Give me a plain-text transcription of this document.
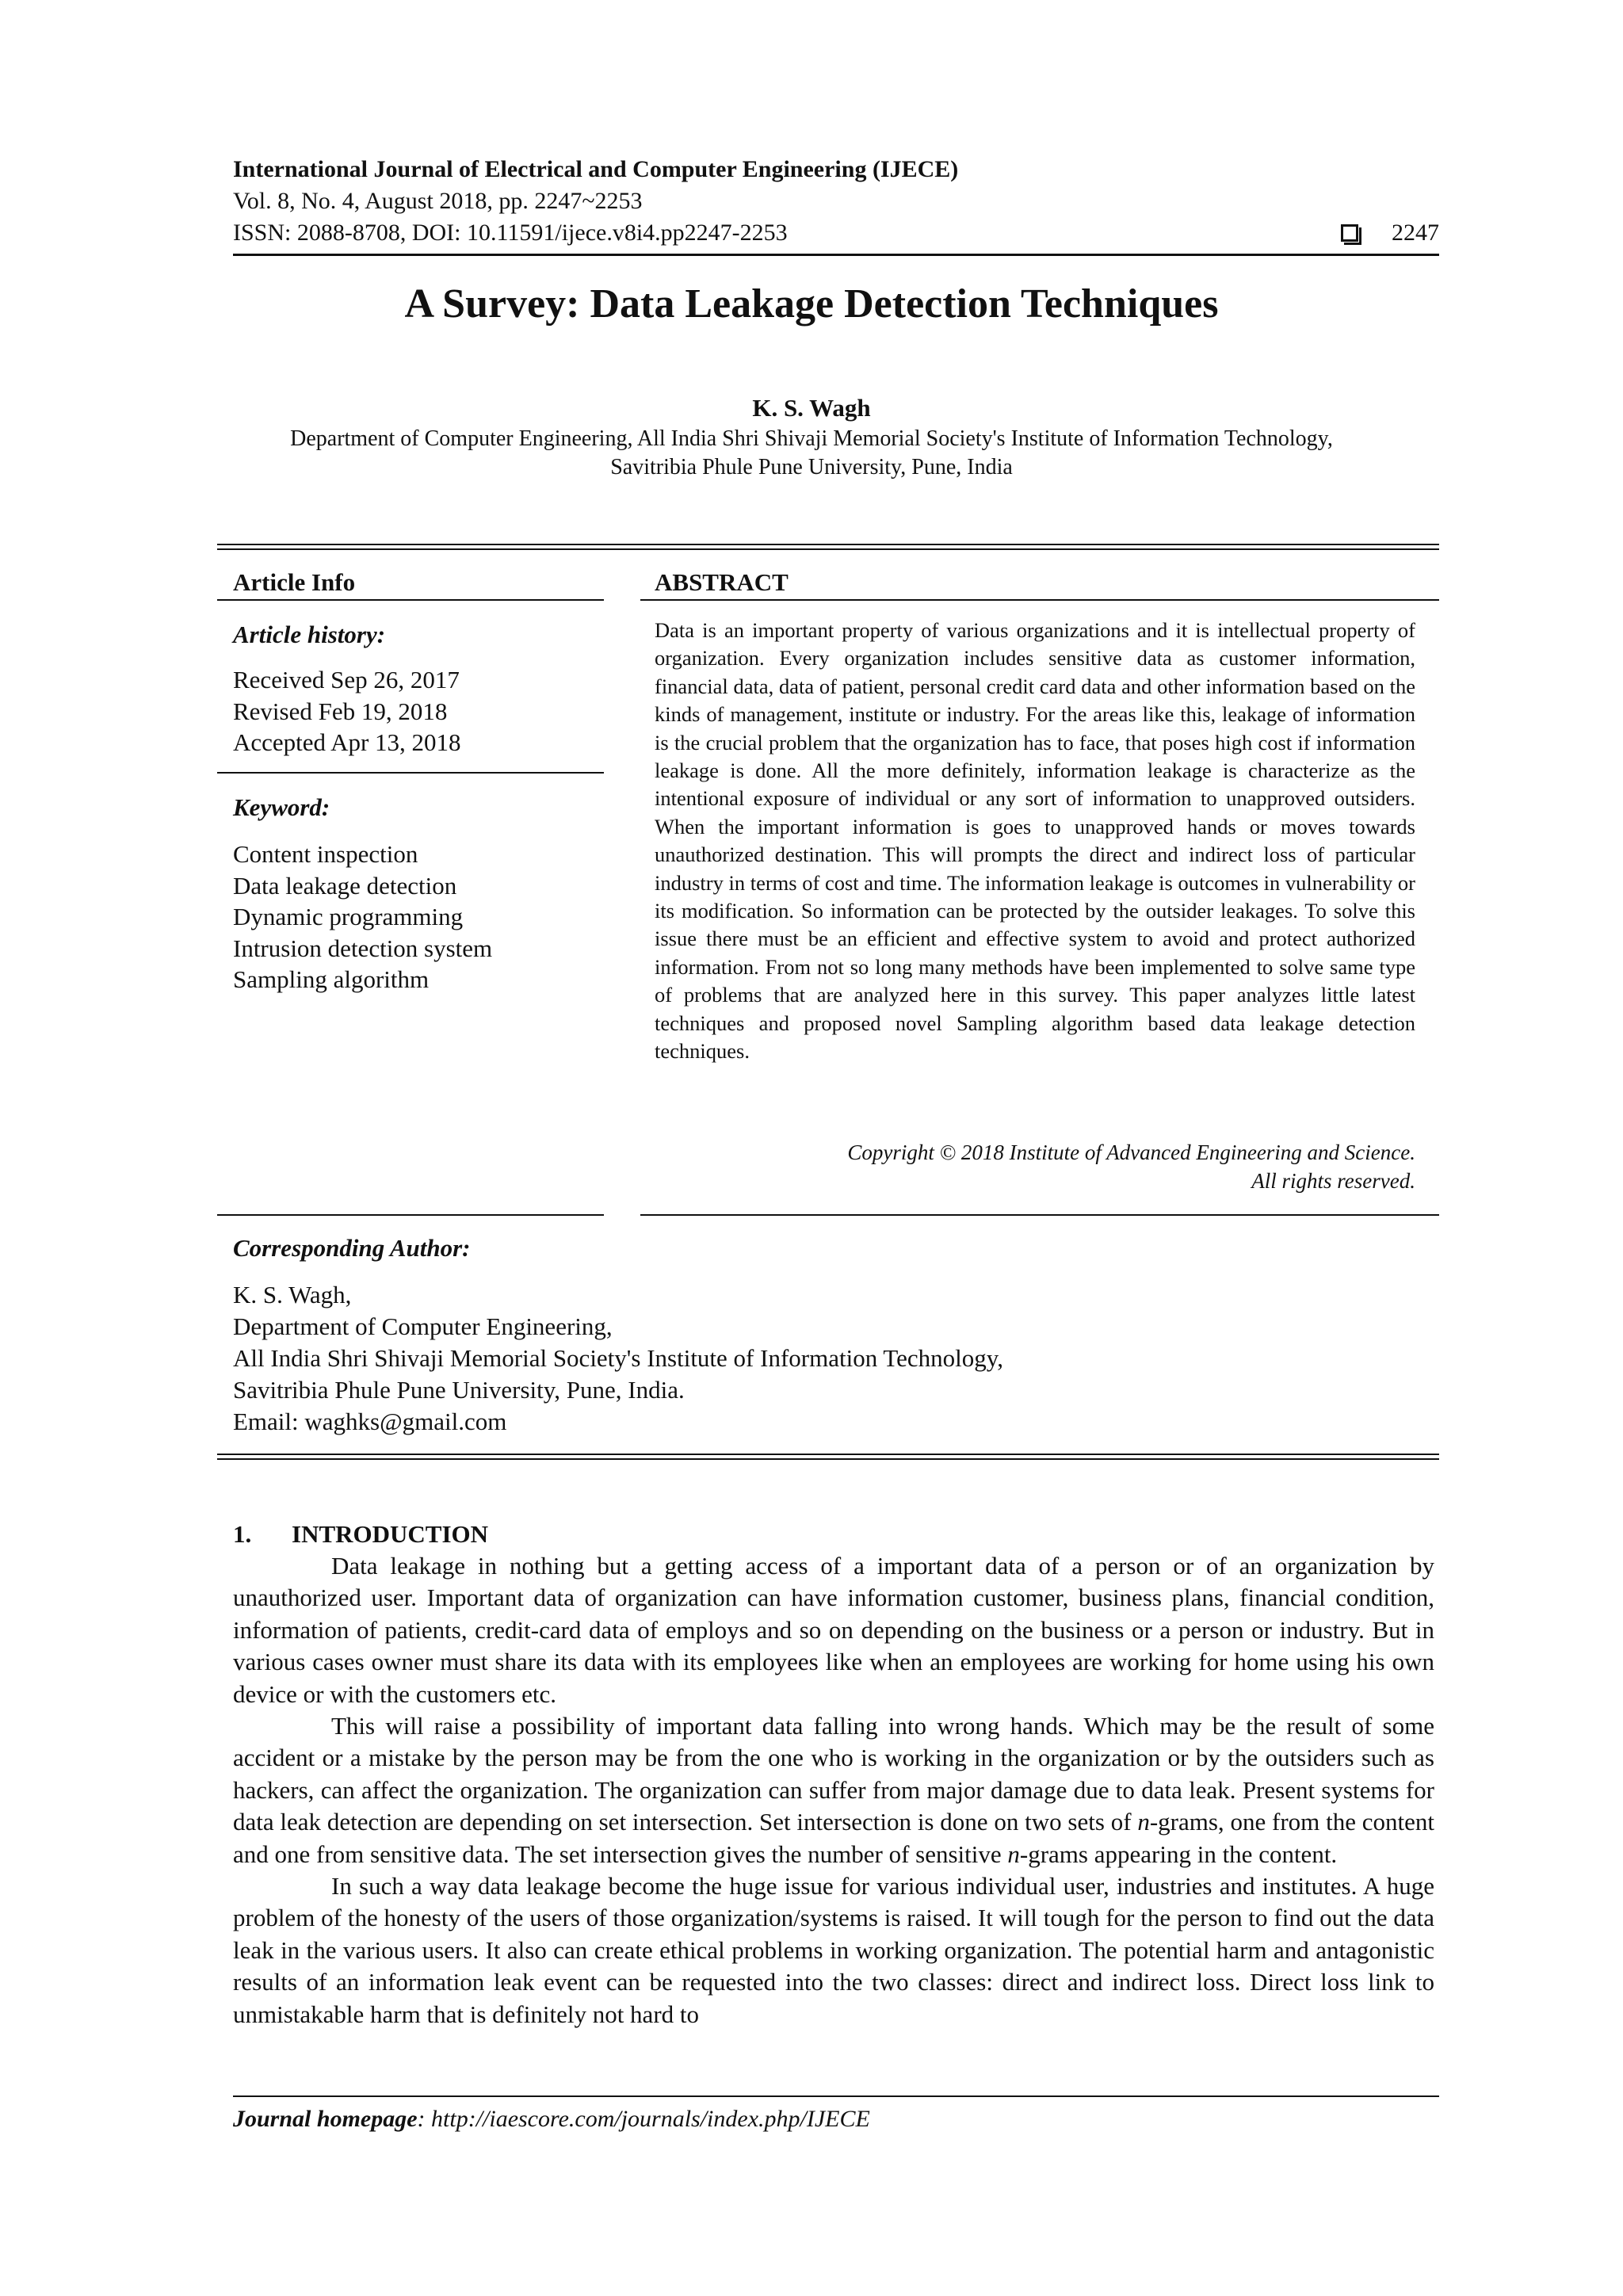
International Journal of Electrical and Computer Engineering (IJECE)
Vol. 8, No. 4, August 2018, pp. 2247~2253
ISSN: 2088-8708, DOI: 10.11591/ijece.v8i4.pp2247-2253	2247
A Survey: Data Leakage Detection Techniques
K. S. Wagh
Department of Computer Engineering, All India Shri Shivaji Memorial Society's Institute of Information Technology,
Savitribia Phule Pune University, Pune, India
Article Info
Article history:
Received Sep 26, 2017
Revised Feb 19, 2018
Accepted Apr 13, 2018
Keyword:
Content inspection
Data leakage detection
Dynamic programming
Intrusion detection system
Sampling algorithm
ABSTRACT
Data is an important property of various organizations and it is intellectual property of organization. Every organization includes sensitive data as customer information, financial data, data of patient, personal credit card data and other information based on the kinds of management, institute or industry. For the areas like this, leakage of information is the crucial problem that the organization has to face, that poses high cost if information leakage is done. All the more definitely, information leakage is characterize as the intentional exposure of individual or any sort of information to unapproved outsiders. When the important information is goes to unapproved hands or moves towards unauthorized destination. This will prompts the direct and indirect loss of particular industry in terms of cost and time. The information leakage is outcomes in vulnerability or its modification. So information can be protected by the outsider leakages. To solve this issue there must be an efficient and effective system to avoid and protect authorized information. From not so long many methods have been implemented to solve same type of problems that are analyzed here in this survey. This paper analyzes little latest techniques and proposed novel Sampling algorithm based data leakage detection techniques.
Copyright © 2018 Institute of Advanced Engineering and Science.
All rights reserved.
Corresponding Author:
K. S. Wagh,
Department of Computer Engineering,
All India Shri Shivaji Memorial Society's Institute of Information Technology,
Savitribia Phule Pune University, Pune, India.
Email: waghks@gmail.com
1. INTRODUCTION

Data leakage in nothing but a getting access of a important data of a person or of an organization by unauthorized user. Important data of organization can have information customer, business plans, financial condition, information of patients, credit-card data of employs and so on depending on the business or a person or industry. But in various cases owner must share its data with its employees like when an employees are working for home using his own device or with the customers etc.

This will raise a possibility of important data falling into wrong hands. Which may be the result of some accident or a mistake by the person may be from the one who is working in the organization or by the outsiders such as hackers, can affect the organization. The organization can suffer from major damage due to data leak. Present systems for data leak detection are depending on set intersection. Set intersection is done on two sets of n-grams, one from the content and one from sensitive data. The set intersection gives the number of sensitive n-grams appearing in the content.

In such a way data leakage become the huge issue for various individual user, industries and institutes. A huge problem of the honesty of the users of those organization/systems is raised. It will tough for the person to find out the data leak in the various users. It also can create ethical problems in working organization. The potential harm and antagonistic results of an information leak event can be requested into the two classes: direct and indirect loss. Direct loss link to unmistakable harm that is definitely not hard to

Journal homepage: http://iaescore.com/journals/index.php/IJECE
